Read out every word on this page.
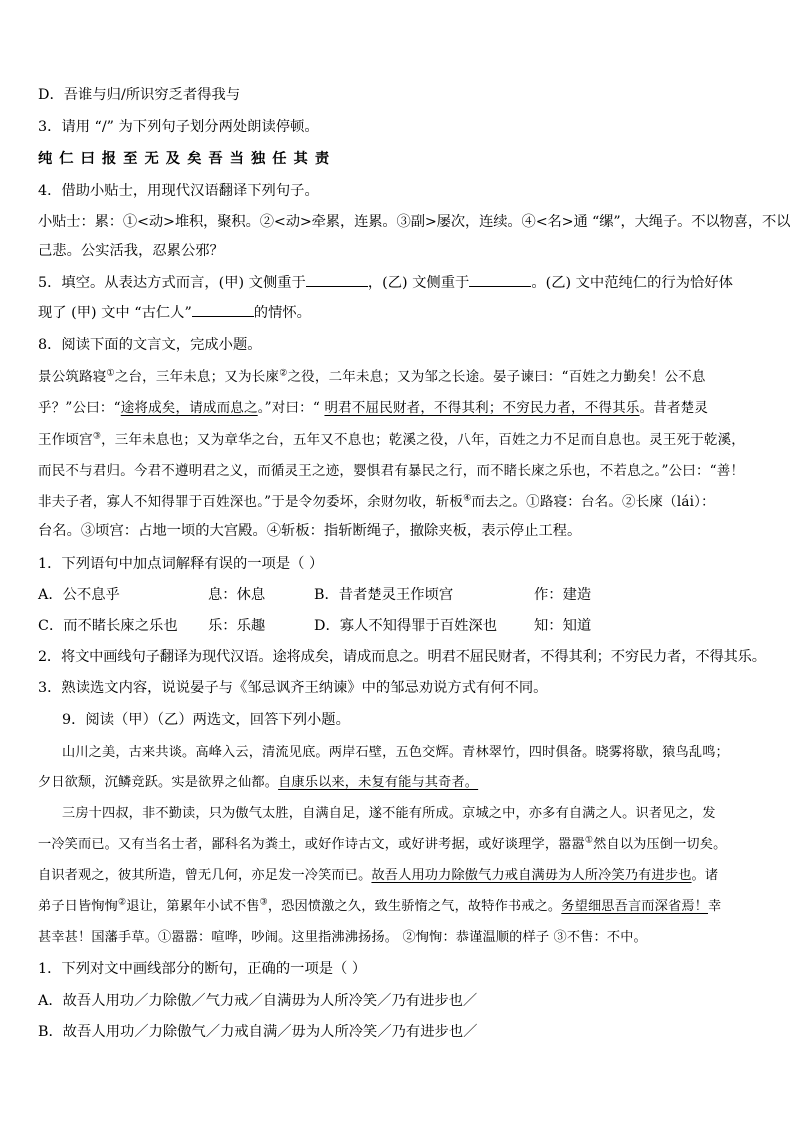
D．吾谁与归/所识穷乏者得我与
3．请用 “/” 为下列句子划分两处朗读停顿。
纯仁曰报至无及矣吾当独任其责
4．借助小贴士，用现代汉语翻译下列句子。
小贴士：累：①<动>堆积，聚积。②<动>牵累，连累。③副>屡次，连续。④<名>通 “缧”，大绳子。不以物喜，不以
己悲。公实活我，忍累公邪？
5．填空。从表达方式而言，(甲) 文侧重于	，(乙) 文侧重于	。(乙) 文中范纯仁的行为恰好体
现了 (甲) 文中 “古仁人”	的情怀。
8．阅读下面的文言文，完成小题。
景公筑路寝①之台，三年未息；又为长庲②之役，二年未息；又为邹之长途。晏子谏曰：“百姓之力勤矣！公不息
乎？”公曰：“途将成矣，请成而息之。”对曰：“ 明君不屈民财者，不得其利；不穷民力者，不得其乐。昔者楚灵
王作顷宫③，三年未息也；又为章华之台，五年又不息也；乾溪之役，八年，百姓之力不足而自息也。灵王死于乾溪，
而民不与君归。今君不遵明君之义，而循灵王之迹，婴惧君有暴民之行，而不睹长庲之乐也，不若息之。”公曰：“善！
非夫子者，寡人不知得罪于百姓深也。”于是令勿委坏，余财勿收，斩板④而去之。①路寝：台名。②长庲（lái）：
台名。③顷宫：占地一顷的大宫殿。④斩板：指斩断绳子，撤除夹板，表示停止工程。
1．下列语句中加点词解释有误的一项是（ ）
A．公不息乎	息：休息	B．昔者楚灵王作顷宫	作：建造
C．而不睹长庲之乐也 乐：乐趣	D．寡人不知得罪于百姓深也	知：知道
2．将文中画线句子翻译为现代汉语。途将成矣，请成而息之。明君不屈民财者，不得其利；不穷民力者，不得其乐。
3．熟读选文内容，说说晏子与《邹忌讽齐王纳谏》中的邹忌劝说方式有何不同。
9．阅读（甲）（乙）两选文，回答下列小题。
山川之美，古来共谈。高峰入云，清流见底。两岸石壁，五色交辉。青林翠竹，四时俱备。晓雾将歇，猿鸟乱鸣；
夕日欲颓，沉鳞竞跃。实是欲界之仙都。自康乐以来，未复有能与其奇者。
三房十四叔，非不勤读，只为傲气太胜，自满自足，遂不能有所成。京城之中，亦多有自满之人。识者见之，发
一冷笑而已。又有当名士者，鄙科名为粪土，或好作诗古文，或好讲考据，或好谈理学，嚣嚣①然自以为压倒一切矣。
自识者观之，彼其所造，曾无几何，亦足发一冷笑而已。故吾人用功力除傲气力戒自满毋为人所冷笑乃有进步也。诸
弟子日皆恂恂②退让，第累年小试不售③，恐因愤激之久，致生骄惰之气，故特作书戒之。务望细思吾言而深省焉！幸
甚幸甚！国藩手草。①嚣嚣：喧哗，吵闹。这里指沸沸扬扬。 ②恂恂：恭谨温顺的样子 ③不售：不中。
1．下列对文中画线部分的断句，正确的一项是（ ）
A．故吾人用功／力除傲／气力戒／自满毋为人所冷笑／乃有进步也／
B．故吾人用功／力除傲气／力戒自满／毋为人所冷笑／乃有进步也／
